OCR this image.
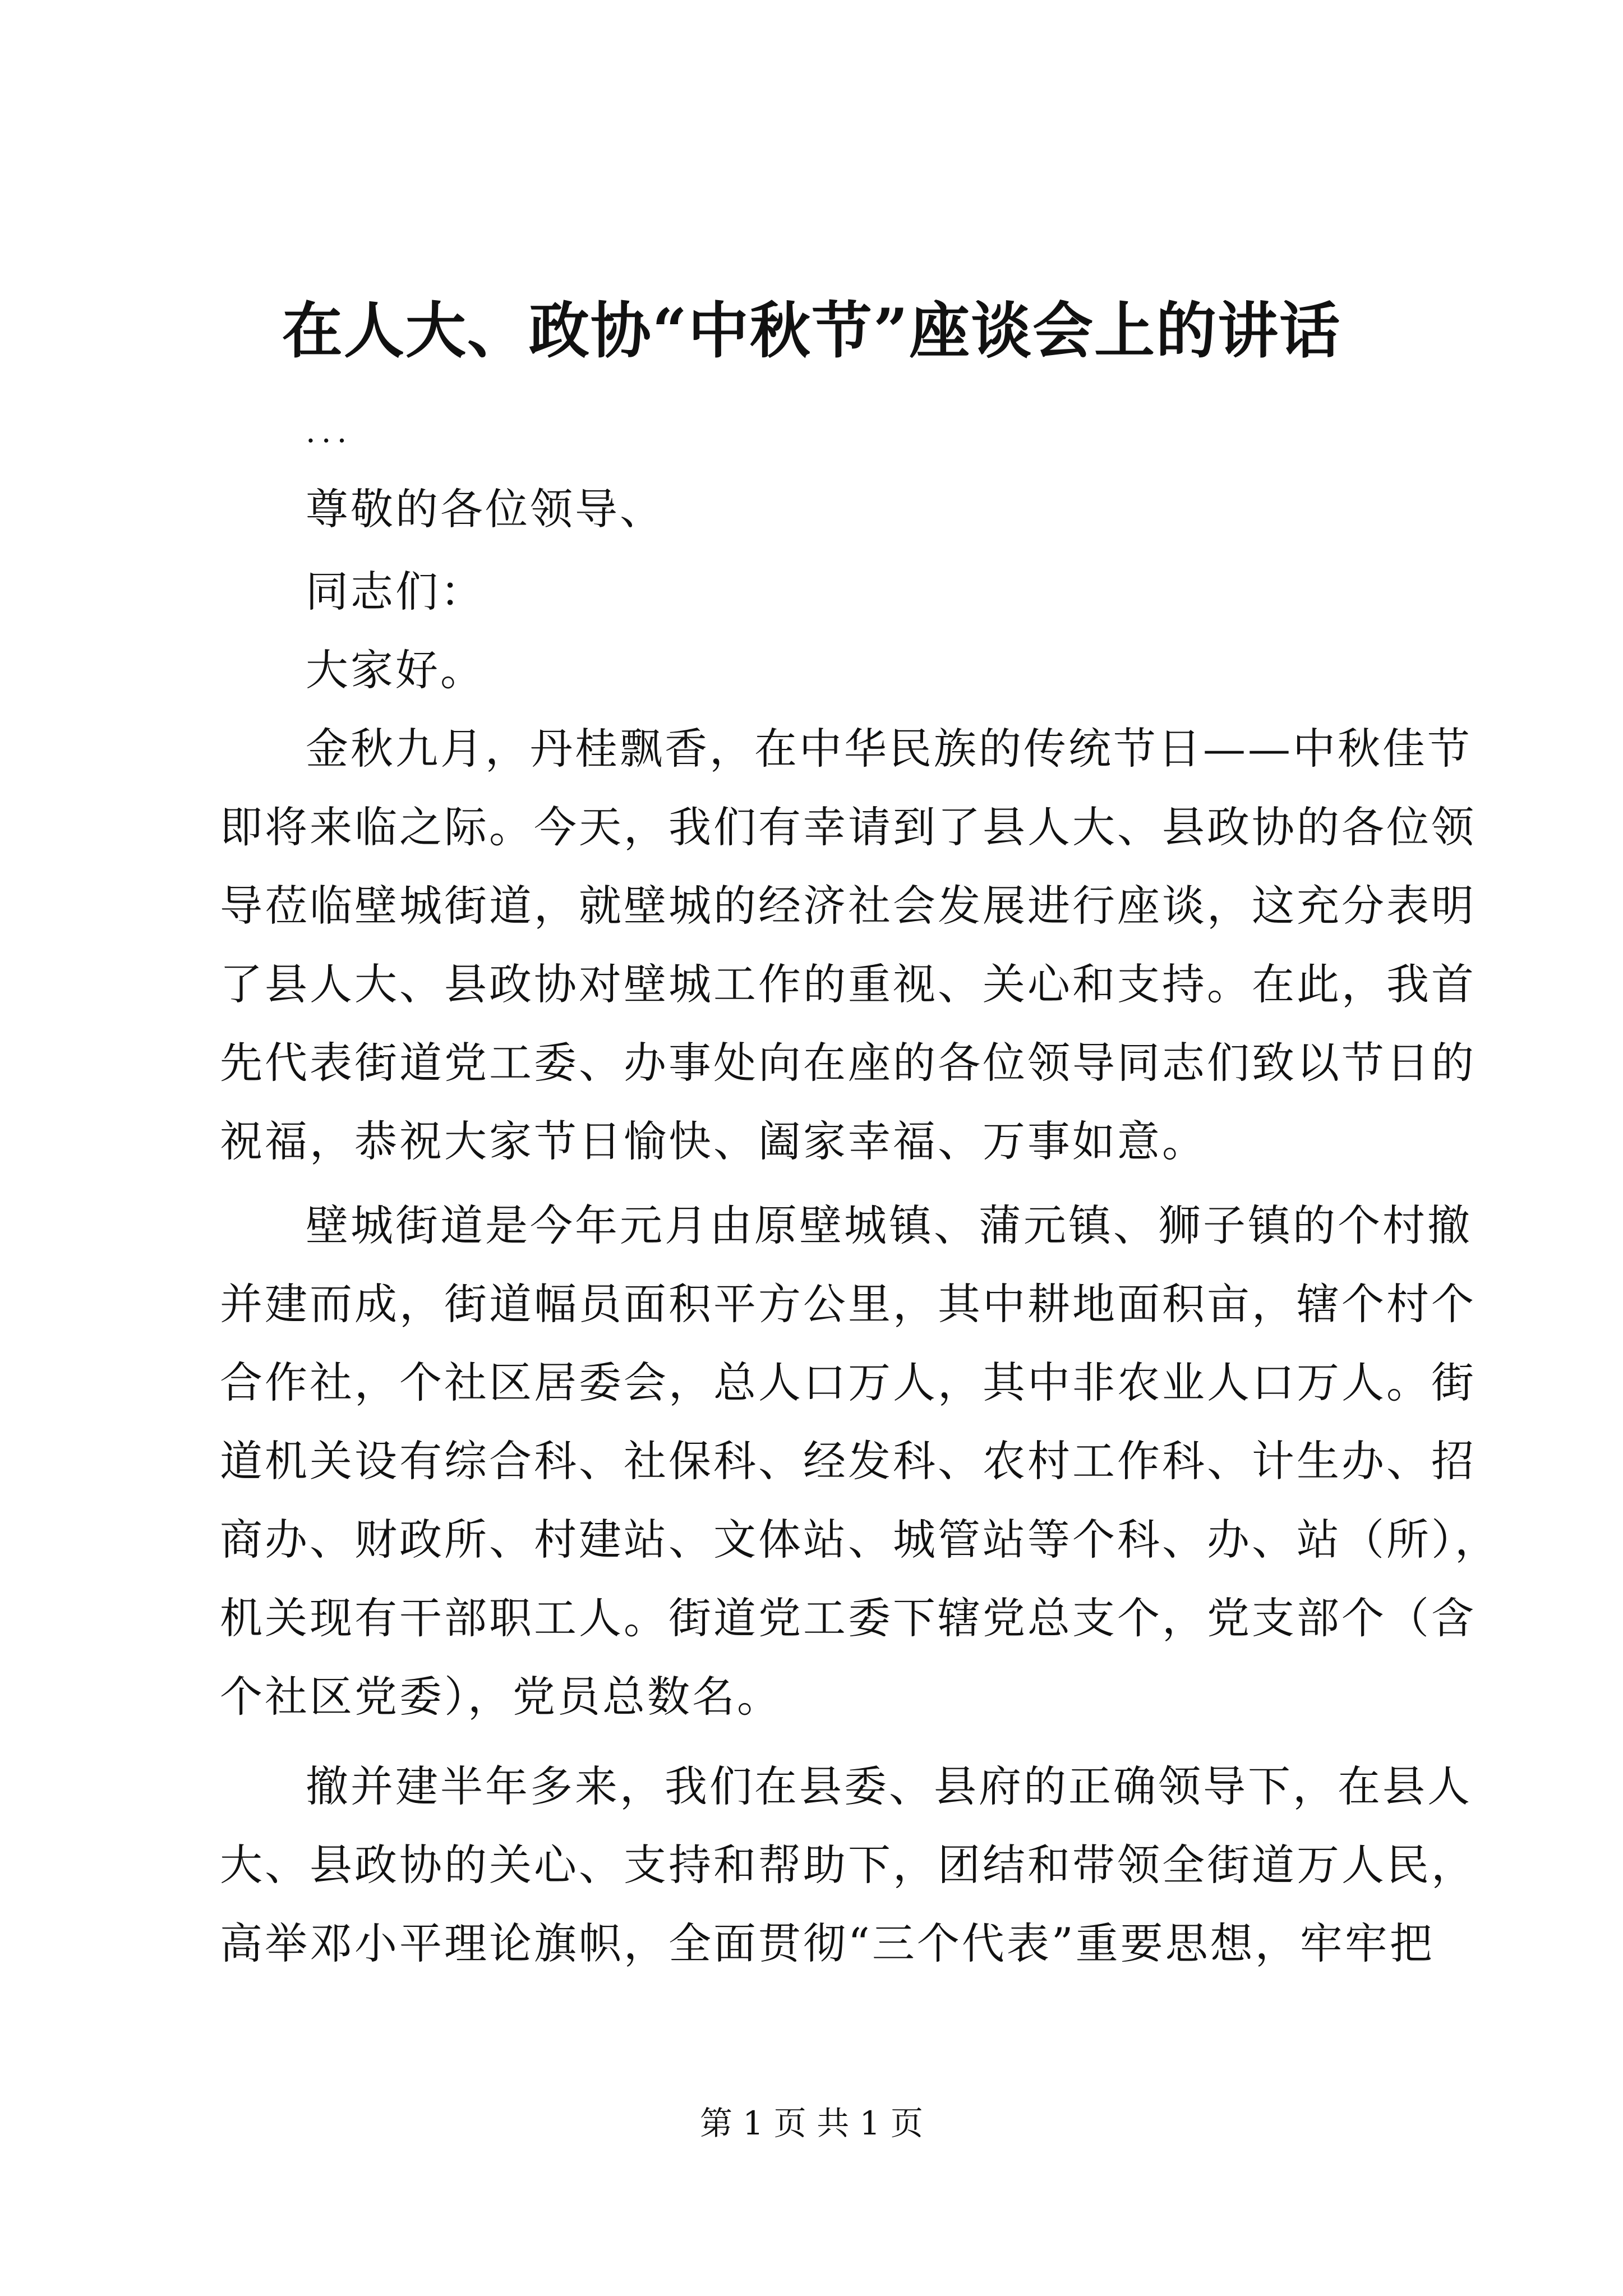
在人大、政协“中秋节”座谈会上的讲话
...
尊敬的各位领导、
同志们：
大家好。
金秋九月，丹桂飘香，在中华民族的传统节日——中秋佳节
即将来临之际。今天，我们有幸请到了县人大、县政协的各位领
导莅临壁城街道，就壁城的经济社会发展进行座谈，这充分表明
了县人大、县政协对壁城工作的重视、关心和支持。在此，我首
先代表街道党工委、办事处向在座的各位领导同志们致以节日的
祝福，恭祝大家节日愉快、阖家幸福、万事如意。
壁城街道是今年元月由原壁城镇、蒲元镇、狮子镇的个村撤
并建而成，街道幅员面积平方公里，其中耕地面积亩，辖个村个
合作社，个社区居委会，总人口万人，其中非农业人口万人。街
道机关设有综合科、社保科、经发科、农村工作科、计生办、招
商办、财政所、村建站、文体站、城管站等个科、办、站（所），
机关现有干部职工人。街道党工委下辖党总支个，党支部个（含
个社区党委），党员总数名。
撤并建半年多来，我们在县委、县府的正确领导下，在县人
大、县政协的关心、支持和帮助下，团结和带领全街道万人民，
高举邓小平理论旗帜，全面贯彻“三个代表”重要思想，牢牢把
第 1 页 共 1 页
